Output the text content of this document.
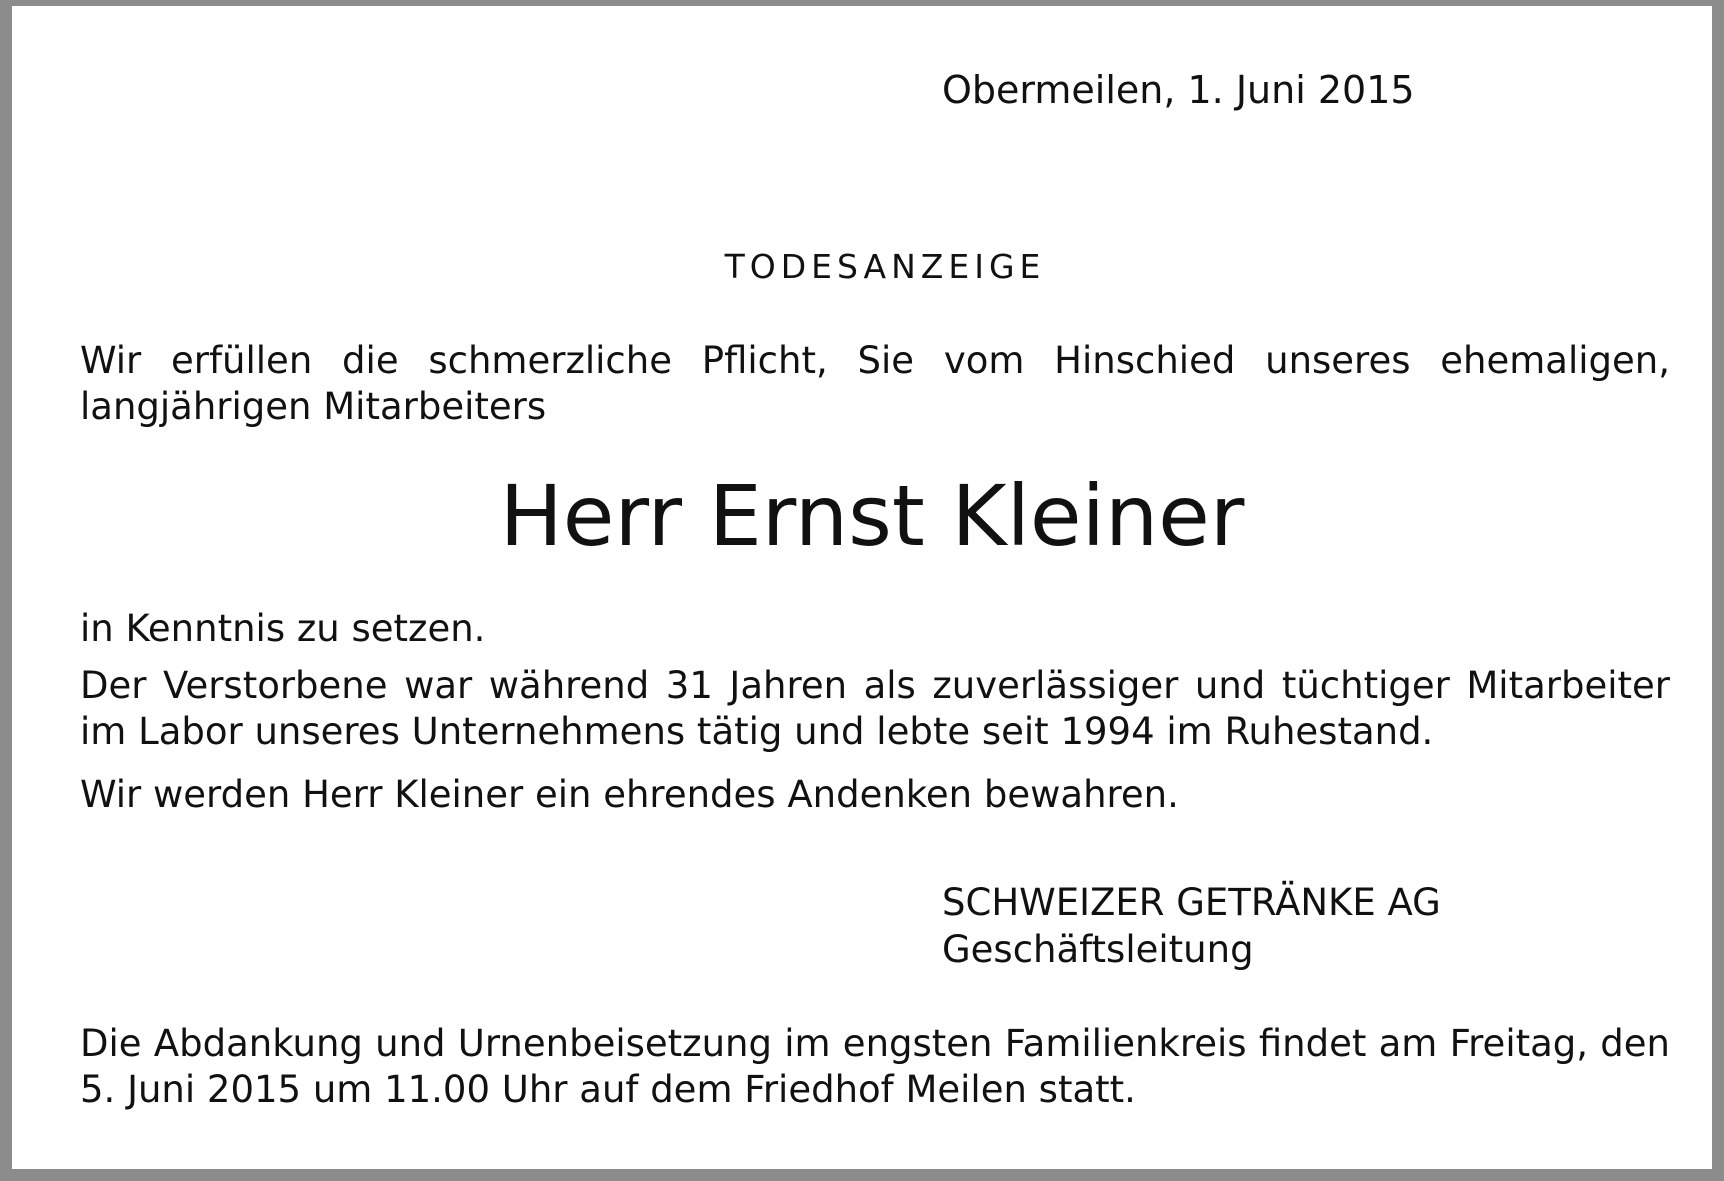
Obermeilen, 1. Juni 2015

TODESANZEIGE

Wir erfüllen die schmerzliche Pflicht, Sie vom Hinschied unseres ehemaligen, langjährigen Mitarbeiters

Herr Ernst Kleiner

in Kenntnis zu setzen.

Der Verstorbene war während 31 Jahren als zuverlässiger und tüchtiger Mitarbeiter im Labor unseres Unternehmens tätig und lebte seit 1994 im Ruhestand.

Wir werden Herr Kleiner ein ehrendes Andenken bewahren.

SCHWEIZER GETRÄNKE AG

Geschäftsleitung

Die Abdankung und Urnenbeisetzung im engsten Familienkreis findet am Freitag, den 5. Juni 2015 um 11.00 Uhr auf dem Friedhof Meilen statt.
